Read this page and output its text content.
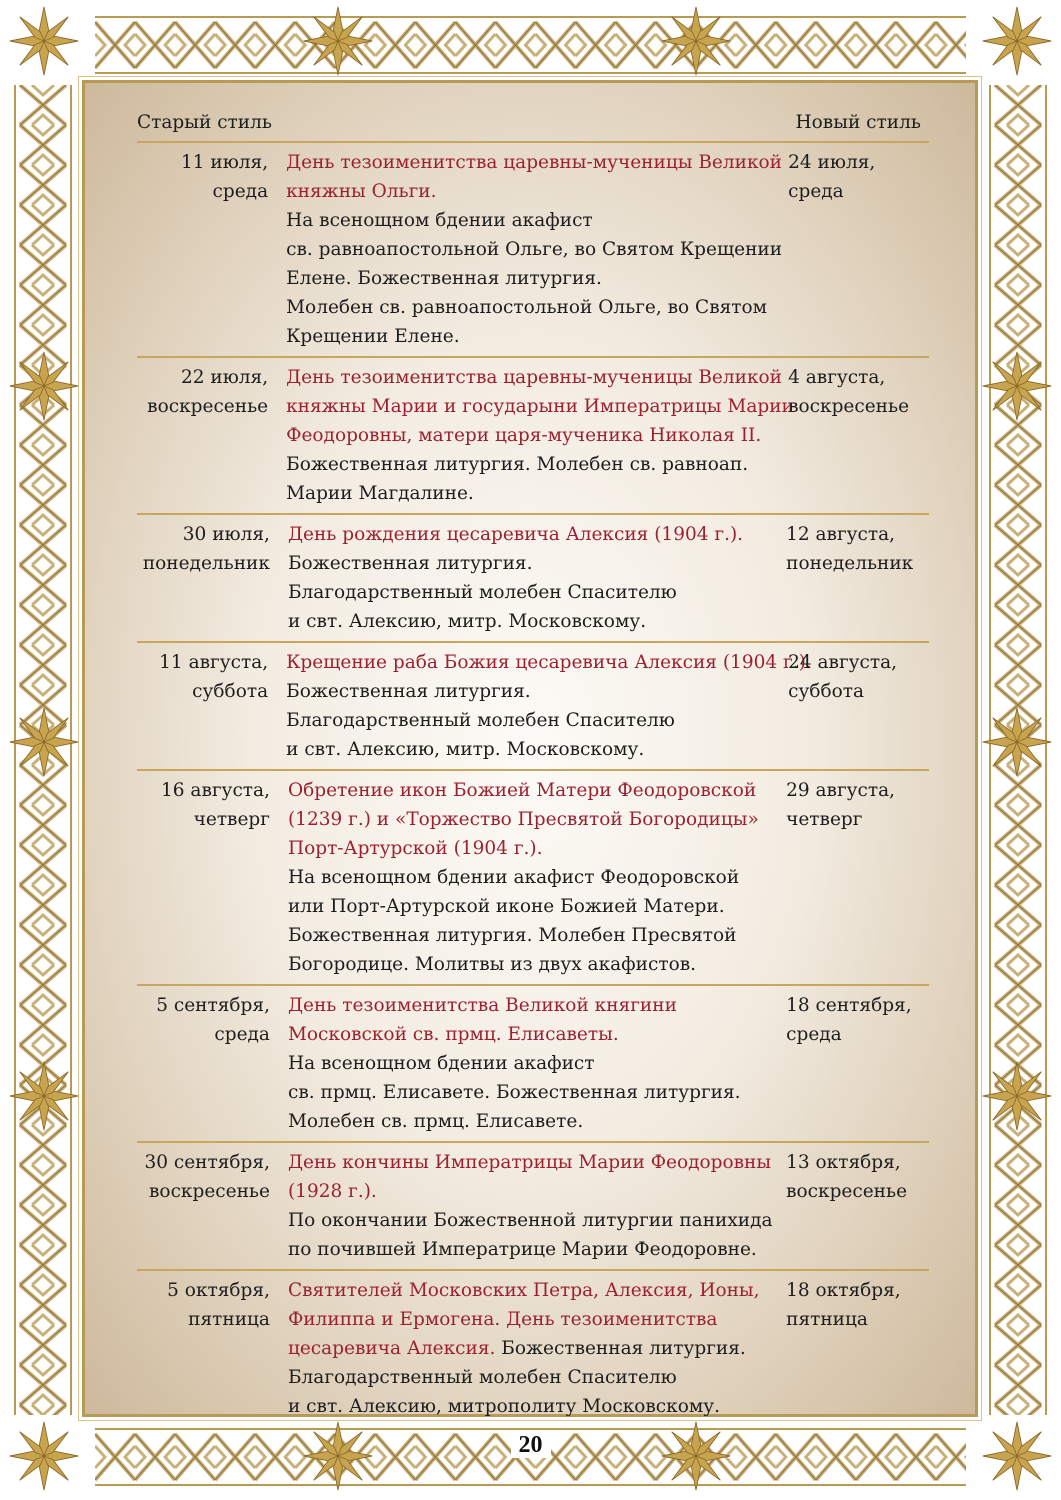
Старый стиль	Новый стиль
11 июля,
среда
День тезоименитства царевны-мученицы Великой
княжны Ольги.
На всенощном бдении акафист
св. равноапостольной Ольге, во Святом Крещении
Елене. Божественная литургия.
Молебен св. равноапостольной Ольге, во Святом
Крещении Елене.
24 июля,
среда
22 июля,
воскресенье
День тезоименитства царевны-мученицы Великой
княжны Марии и государыни Императрицы Марии
Феодоровны, матери царя-мученика Николая II.
Божественная литургия. Молебен св. равноап.
Марии Магдалине.
4 августа,
воскресенье
30 июля,
понедельник
День рождения цесаревича Алексия (1904 г.).
Божественная литургия.
Благодарственный молебен Спасителю
и свт. Алексию, митр. Московскому.
12 августа,
понедельник
11 августа,
суббота
Крещение раба Божия цесаревича Алексия (1904 г.).
Божественная литургия.
Благодарственный молебен Спасителю
и свт. Алексию, митр. Московскому.
24 августа,
суббота
16 августа,
четверг
Обретение икон Божией Матери Феодоровской
(1239 г.) и «Торжество Пресвятой Богородицы»
Порт-Артурской (1904 г.).
На всенощном бдении акафист Феодоровской
или Порт-Артурской иконе Божией Матери.
Божественная литургия. Молебен Пресвятой
Богородице. Молитвы из двух акафистов.
29 августа,
четверг
5 сентября,
среда
День тезоименитства Великой княгини
Московской св. прмц. Елисаветы.
На всенощном бдении акафист
св. прмц. Елисавете. Божественная литургия.
Молебен св. прмц. Елисавете.
18 сентября,
среда
30 сентября,
воскресенье
День кончины Императрицы Марии Феодоровны
(1928 г.).
По окончании Божественной литургии панихида
по почившей Императрице Марии Феодоровне.
13 октября,
воскресенье
5 октября,
пятница
Святителей Московских Петра, Алексия, Ионы,
Филиппа и Ермогена. День тезоименитства
цесаревича Алексия. Божественная литургия.
Благодарственный молебен Спасителю
и свт. Алексию, митрополиту Московскому.
18 октября,
пятница
20
